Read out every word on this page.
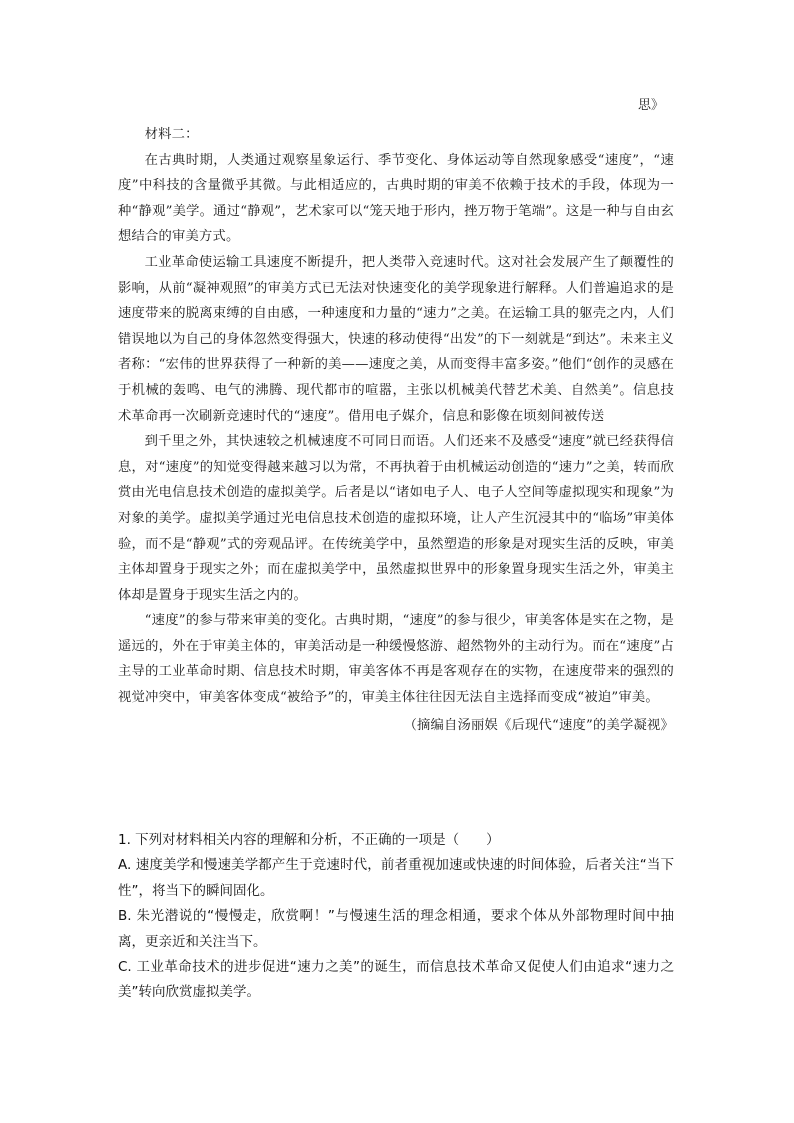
思》

材料二：

在古典时期，人类通过观察星象运行、季节变化、身体运动等自然现象感受“速度”，“速度”中科技的含量微乎其微。与此相适应的，古典时期的审美不依赖于技术的手段，体现为一种“静观”美学。通过“静观”，艺术家可以“笼天地于形内，挫万物于笔端”。这是一种与自由玄想结合的审美方式。

工业革命使运输工具速度不断提升，把人类带入竞速时代。这对社会发展产生了颠覆性的影响，从前“凝神观照”的审美方式已无法对快速变化的美学现象进行解释。人们普遍追求的是速度带来的脱离束缚的自由感，一种速度和力量的“速力”之美。在运输工具的躯壳之内，人们错误地以为自己的身体忽然变得强大，快速的移动使得“出发”的下一刻就是“到达”。未来主义者称：“宏伟的世界获得了一种新的美——速度之美，从而变得丰富多姿。”他们“创作的灵感在于机械的轰鸣、电气的沸腾、现代都市的喧嚣，主张以机械美代替艺术美、自然美”。信息技术革命再一次刷新竞速时代的“速度”。借用电子媒介，信息和影像在顷刻间被传送

到千里之外，其快速较之机械速度不可同日而语。人们还来不及感受“速度”就已经获得信息，对“速度”的知觉变得越来越习以为常，不再执着于由机械运动创造的“速力”之美，转而欣赏由光电信息技术创造的虚拟美学。后者是以“诸如电子人、电子人空间等虚拟现实和现象”为对象的美学。虚拟美学通过光电信息技术创造的虚拟环境，让人产生沉浸其中的“临场”审美体验，而不是“静观”式的旁观品评。在传统美学中，虽然塑造的形象是对现实生活的反映，审美主体却置身于现实之外；而在虚拟美学中，虽然虚拟世界中的形象置身现实生活之外，审美主体却是置身于现实生活之内的。

“速度”的参与带来审美的变化。古典时期，“速度”的参与很少，审美客体是实在之物，是遥远的，外在于审美主体的，审美活动是一种缓慢悠游、超然物外的主动行为。而在“速度”占主导的工业革命时期、信息技术时期，审美客体不再是客观存在的实物，在速度带来的强烈的视觉冲突中，审美客体变成“被给予”的，审美主体往往因无法自主选择而变成“被迫”审美。

（摘编自汤丽娱《后现代“速度”的美学凝视》

1. 下列对材料相关内容的理解和分析，不正确的一项是（　　）

A. 速度美学和慢速美学都产生于竞速时代，前者重视加速或快速的时间体验，后者关注“当下性”，将当下的瞬间固化。

B. 朱光潜说的“慢慢走，欣赏啊！”与慢速生活的理念相通，要求个体从外部物理时间中抽离，更亲近和关注当下。

C. 工业革命技术的进步促进“速力之美”的诞生，而信息技术革命又促使人们由追求“速力之美”转向欣赏虚拟美学。
